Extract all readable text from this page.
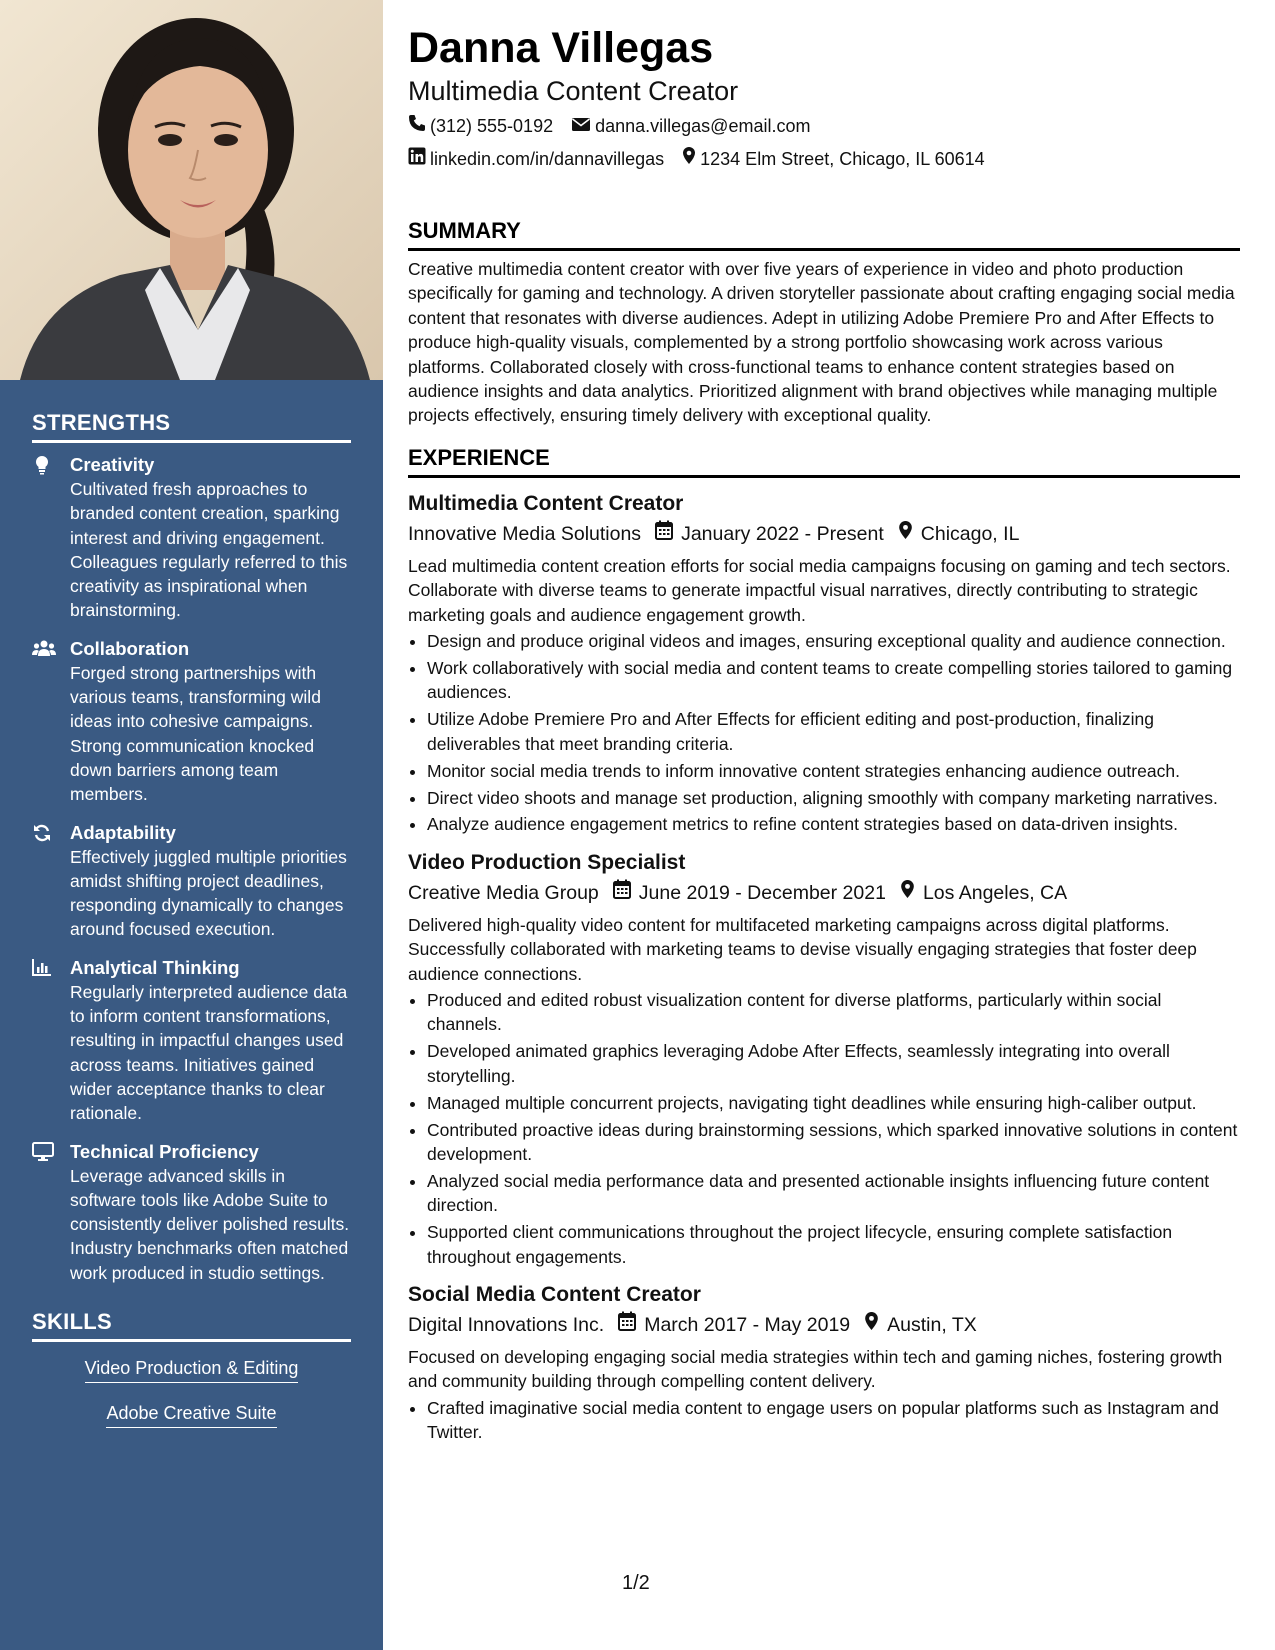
STRENGTHS
Creativity
Cultivated fresh approaches to branded content creation, sparking interest and driving engagement. Colleagues regularly referred to this creativity as inspirational when brainstorming.
Collaboration
Forged strong partnerships with various teams, transforming wild ideas into cohesive campaigns. Strong communication knocked down barriers among team members.
Adaptability
Effectively juggled multiple priorities amidst shifting project deadlines, responding dynamically to changes around focused execution.
Analytical Thinking
Regularly interpreted audience data to inform content transformations, resulting in impactful changes used across teams. Initiatives gained wider acceptance thanks to clear rationale.
Technical Proficiency
Leverage advanced skills in software tools like Adobe Suite to consistently deliver polished results. Industry benchmarks often matched work produced in studio settings.
SKILLS
Video Production & Editing
Adobe Creative Suite
Danna Villegas
Multimedia Content Creator
(312) 555-0192 danna.villegas@email.com
linkedin.com/in/dannavillegas 1234 Elm Street, Chicago, IL 60614
SUMMARY
Creative multimedia content creator with over five years of experience in video and photo production specifically for gaming and technology. A driven storyteller passionate about crafting engaging social media content that resonates with diverse audiences. Adept in utilizing Adobe Premiere Pro and After Effects to produce high-quality visuals, complemented by a strong portfolio showcasing work across various platforms. Collaborated closely with cross-functional teams to enhance content strategies based on audience insights and data analytics. Prioritized alignment with brand objectives while managing multiple projects effectively, ensuring timely delivery with exceptional quality.
EXPERIENCE
Multimedia Content Creator
Innovative Media Solutions January 2022 - Present Chicago, IL
Lead multimedia content creation efforts for social media campaigns focusing on gaming and tech sectors. Collaborate with diverse teams to generate impactful visual narratives, directly contributing to strategic marketing goals and audience engagement growth.
• Design and produce original videos and images, ensuring exceptional quality and audience connection.
• Work collaboratively with social media and content teams to create compelling stories tailored to gaming audiences.
• Utilize Adobe Premiere Pro and After Effects for efficient editing and post-production, finalizing deliverables that meet branding criteria.
• Monitor social media trends to inform innovative content strategies enhancing audience outreach.
• Direct video shoots and manage set production, aligning smoothly with company marketing narratives.
• Analyze audience engagement metrics to refine content strategies based on data-driven insights.
Video Production Specialist
Creative Media Group June 2019 - December 2021 Los Angeles, CA
Delivered high-quality video content for multifaceted marketing campaigns across digital platforms. Successfully collaborated with marketing teams to devise visually engaging strategies that foster deep audience connections.
• Produced and edited robust visualization content for diverse platforms, particularly within social channels.
• Developed animated graphics leveraging Adobe After Effects, seamlessly integrating into overall storytelling.
• Managed multiple concurrent projects, navigating tight deadlines while ensuring high-caliber output.
• Contributed proactive ideas during brainstorming sessions, which sparked innovative solutions in content development.
• Analyzed social media performance data and presented actionable insights influencing future content direction.
• Supported client communications throughout the project lifecycle, ensuring complete satisfaction throughout engagements.
Social Media Content Creator
Digital Innovations Inc. March 2017 - May 2019 Austin, TX
Focused on developing engaging social media strategies within tech and gaming niches, fostering growth and community building through compelling content delivery.
• Crafted imaginative social media content to engage users on popular platforms such as Instagram and Twitter.
1/2
